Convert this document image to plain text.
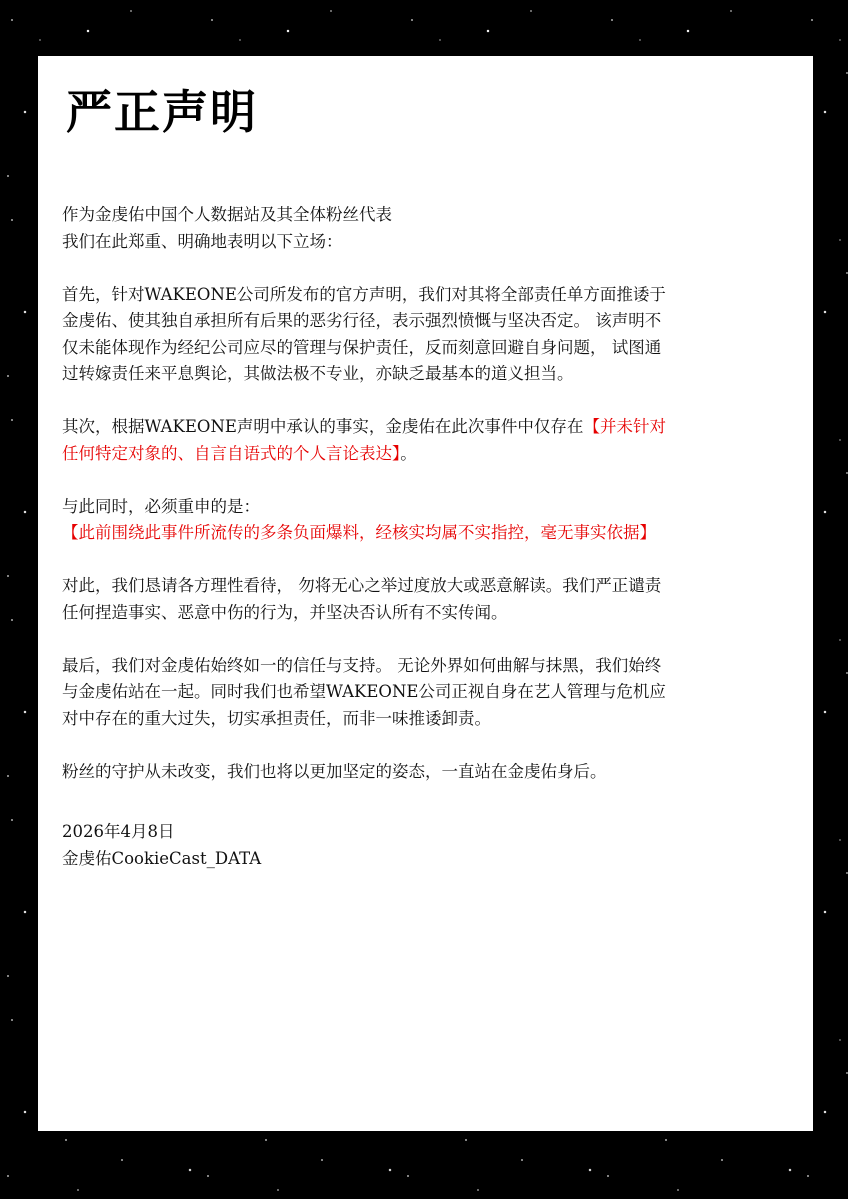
严正声明

作为金虔佑中国个人数据站及其全体粉丝代表
我们在此郑重、明确地表明以下立场：

首先，针对WAKEONE公司所发布的官方声明，我们对其将全部责任单方面推诿于
金虔佑、使其独自承担所有后果的恶劣行径，表示强烈愤慨与坚决否定。 该声明不
仅未能体现作为经纪公司应尽的管理与保护责任，反而刻意回避自身问题， 试图通
过转嫁责任来平息舆论，其做法极不专业，亦缺乏最基本的道义担当。

其次，根据WAKEONE声明中承认的事实，金虔佑在此次事件中仅存在【并未针对
任何特定对象的、自言自语式的个人言论表达】。

与此同时，必须重申的是：
【此前围绕此事件所流传的多条负面爆料，经核实均属不实指控，毫无事实依据】

对此，我们恳请各方理性看待， 勿将无心之举过度放大或恶意解读。我们严正谴责
任何捏造事实、恶意中伤的行为，并坚决否认所有不实传闻。

最后，我们对金虔佑始终如一的信任与支持。 无论外界如何曲解与抹黑，我们始终
与金虔佑站在一起。同时我们也希望WAKEONE公司正视自身在艺人管理与危机应
对中存在的重大过失，切实承担责任，而非一味推诿卸责。

粉丝的守护从未改变，我们也将以更加坚定的姿态，一直站在金虔佑身后。

2026年4月8日
金虔佑CookieCast_DATA
